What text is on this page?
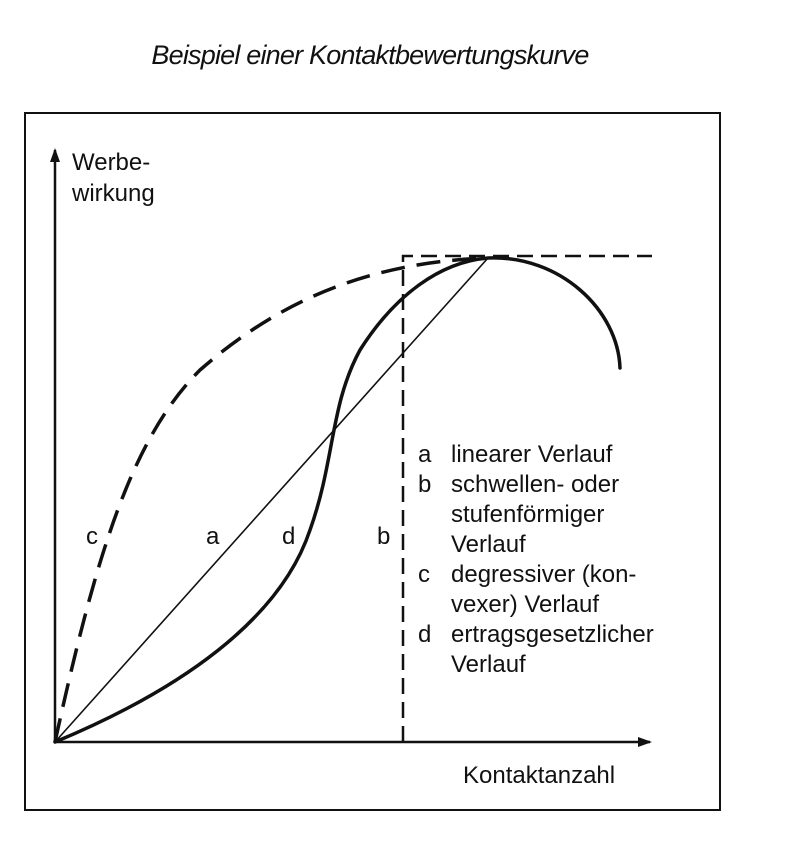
Beispiel einer Kontaktbewertungskurve
Werbe-
wirkung
Kontaktanzahl
c	a	d	b
a linearer Verlauf
b schwellen- oder stufenförmiger Verlauf
c degressiver (kon- vexer) Verlauf
d ertragsgesetzlicher Verlauf
